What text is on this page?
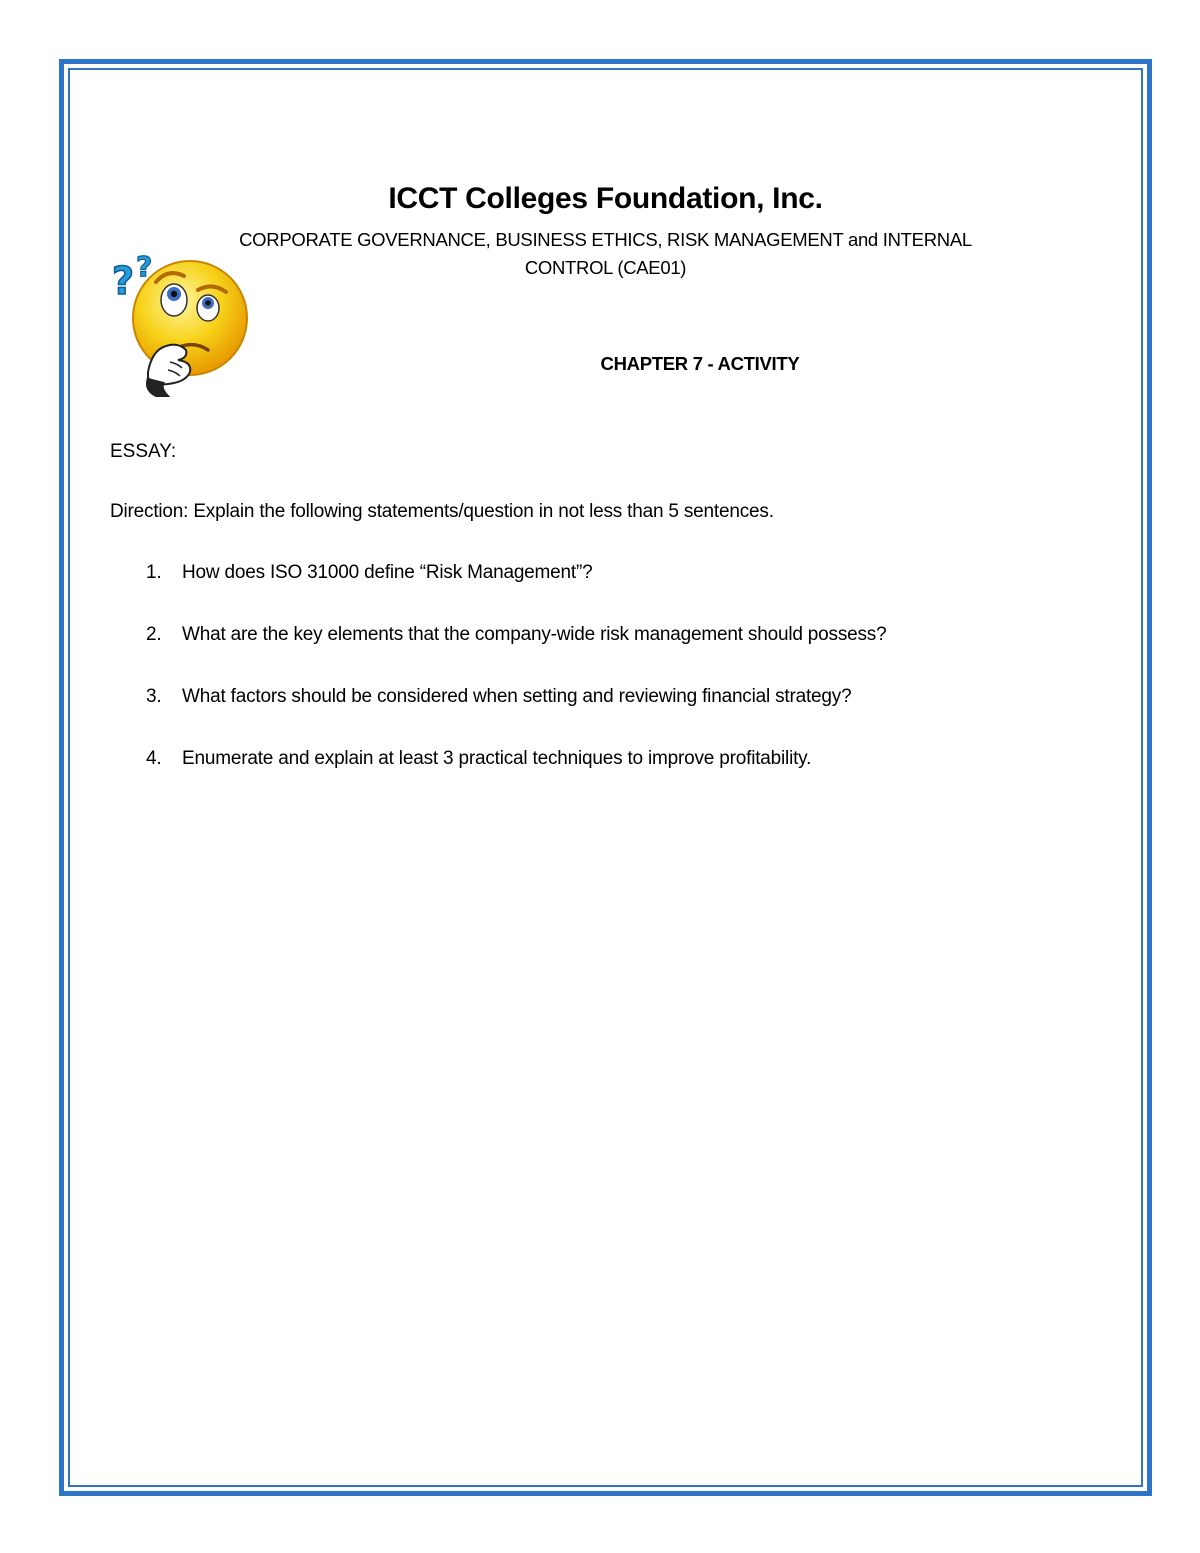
ICCT Colleges Foundation, Inc.
CORPORATE GOVERNANCE, BUSINESS ETHICS, RISK MANAGEMENT and INTERNAL
CONTROL (CAE01)
? ?
CHAPTER 7 - ACTIVITY
ESSAY:
Direction: Explain the following statements/question in not less than 5 sentences.
1. How does ISO 31000 define “Risk Management”?
2. What are the key elements that the company-wide risk management should possess?
3. What factors should be considered when setting and reviewing financial strategy?
4. Enumerate and explain at least 3 practical techniques to improve profitability.
